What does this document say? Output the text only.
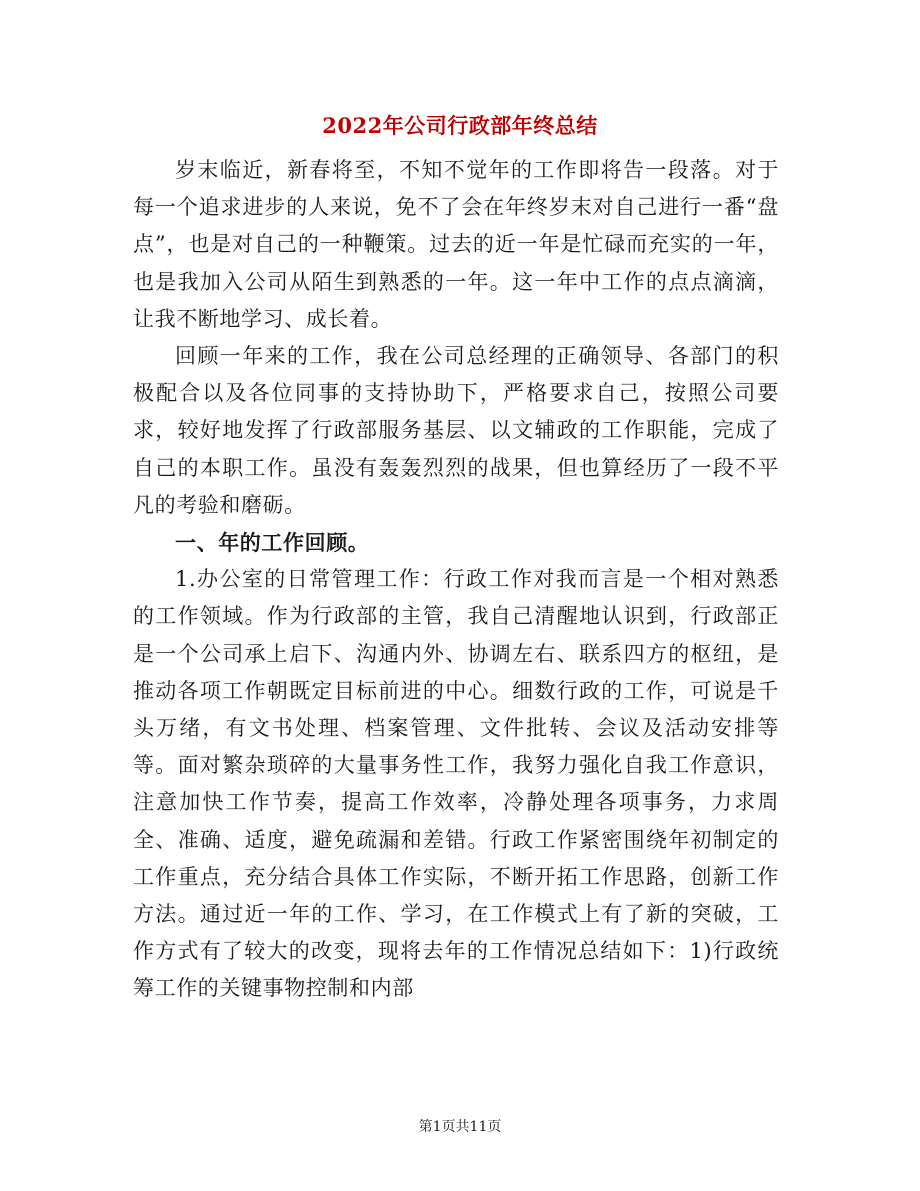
2022年公司行政部年终总结

岁末临近，新春将至，不知不觉年的工作即将告一段落。对于每一个追求进步的人来说，免不了会在年终岁末对自己进行一番“盘点”，也是对自己的一种鞭策。过去的近一年是忙碌而充实的一年，也是我加入公司从陌生到熟悉的一年。这一年中工作的点点滴滴，让我不断地学习、成长着。

回顾一年来的工作，我在公司总经理的正确领导、各部门的积极配合以及各位同事的支持协助下，严格要求自己，按照公司要求，较好地发挥了行政部服务基层、以文辅政的工作职能，完成了自己的本职工作。虽没有轰轰烈烈的战果，但也算经历了一段不平凡的考验和磨砺。

一、年的工作回顾。

1.办公室的日常管理工作：行政工作对我而言是一个相对熟悉的工作领域。作为行政部的主管，我自己清醒地认识到，行政部正是一个公司承上启下、沟通内外、协调左右、联系四方的枢纽，是推动各项工作朝既定目标前进的中心。细数行政的工作，可说是千头万绪，有文书处理、档案管理、文件批转、会议及活动安排等等。面对繁杂琐碎的大量事务性工作，我努力强化自我工作意识，注意加快工作节奏，提高工作效率，冷静处理各项事务，力求周全、准确、适度，避免疏漏和差错。行政工作紧密围绕年初制定的工作重点，充分结合具体工作实际，不断开拓工作思路，创新工作方法。通过近一年的工作、学习，在工作模式上有了新的突破，工作方式有了较大的改变，现将去年的工作情况总结如下：1)行政统筹工作的关键事物控制和内部

第1页共11页
